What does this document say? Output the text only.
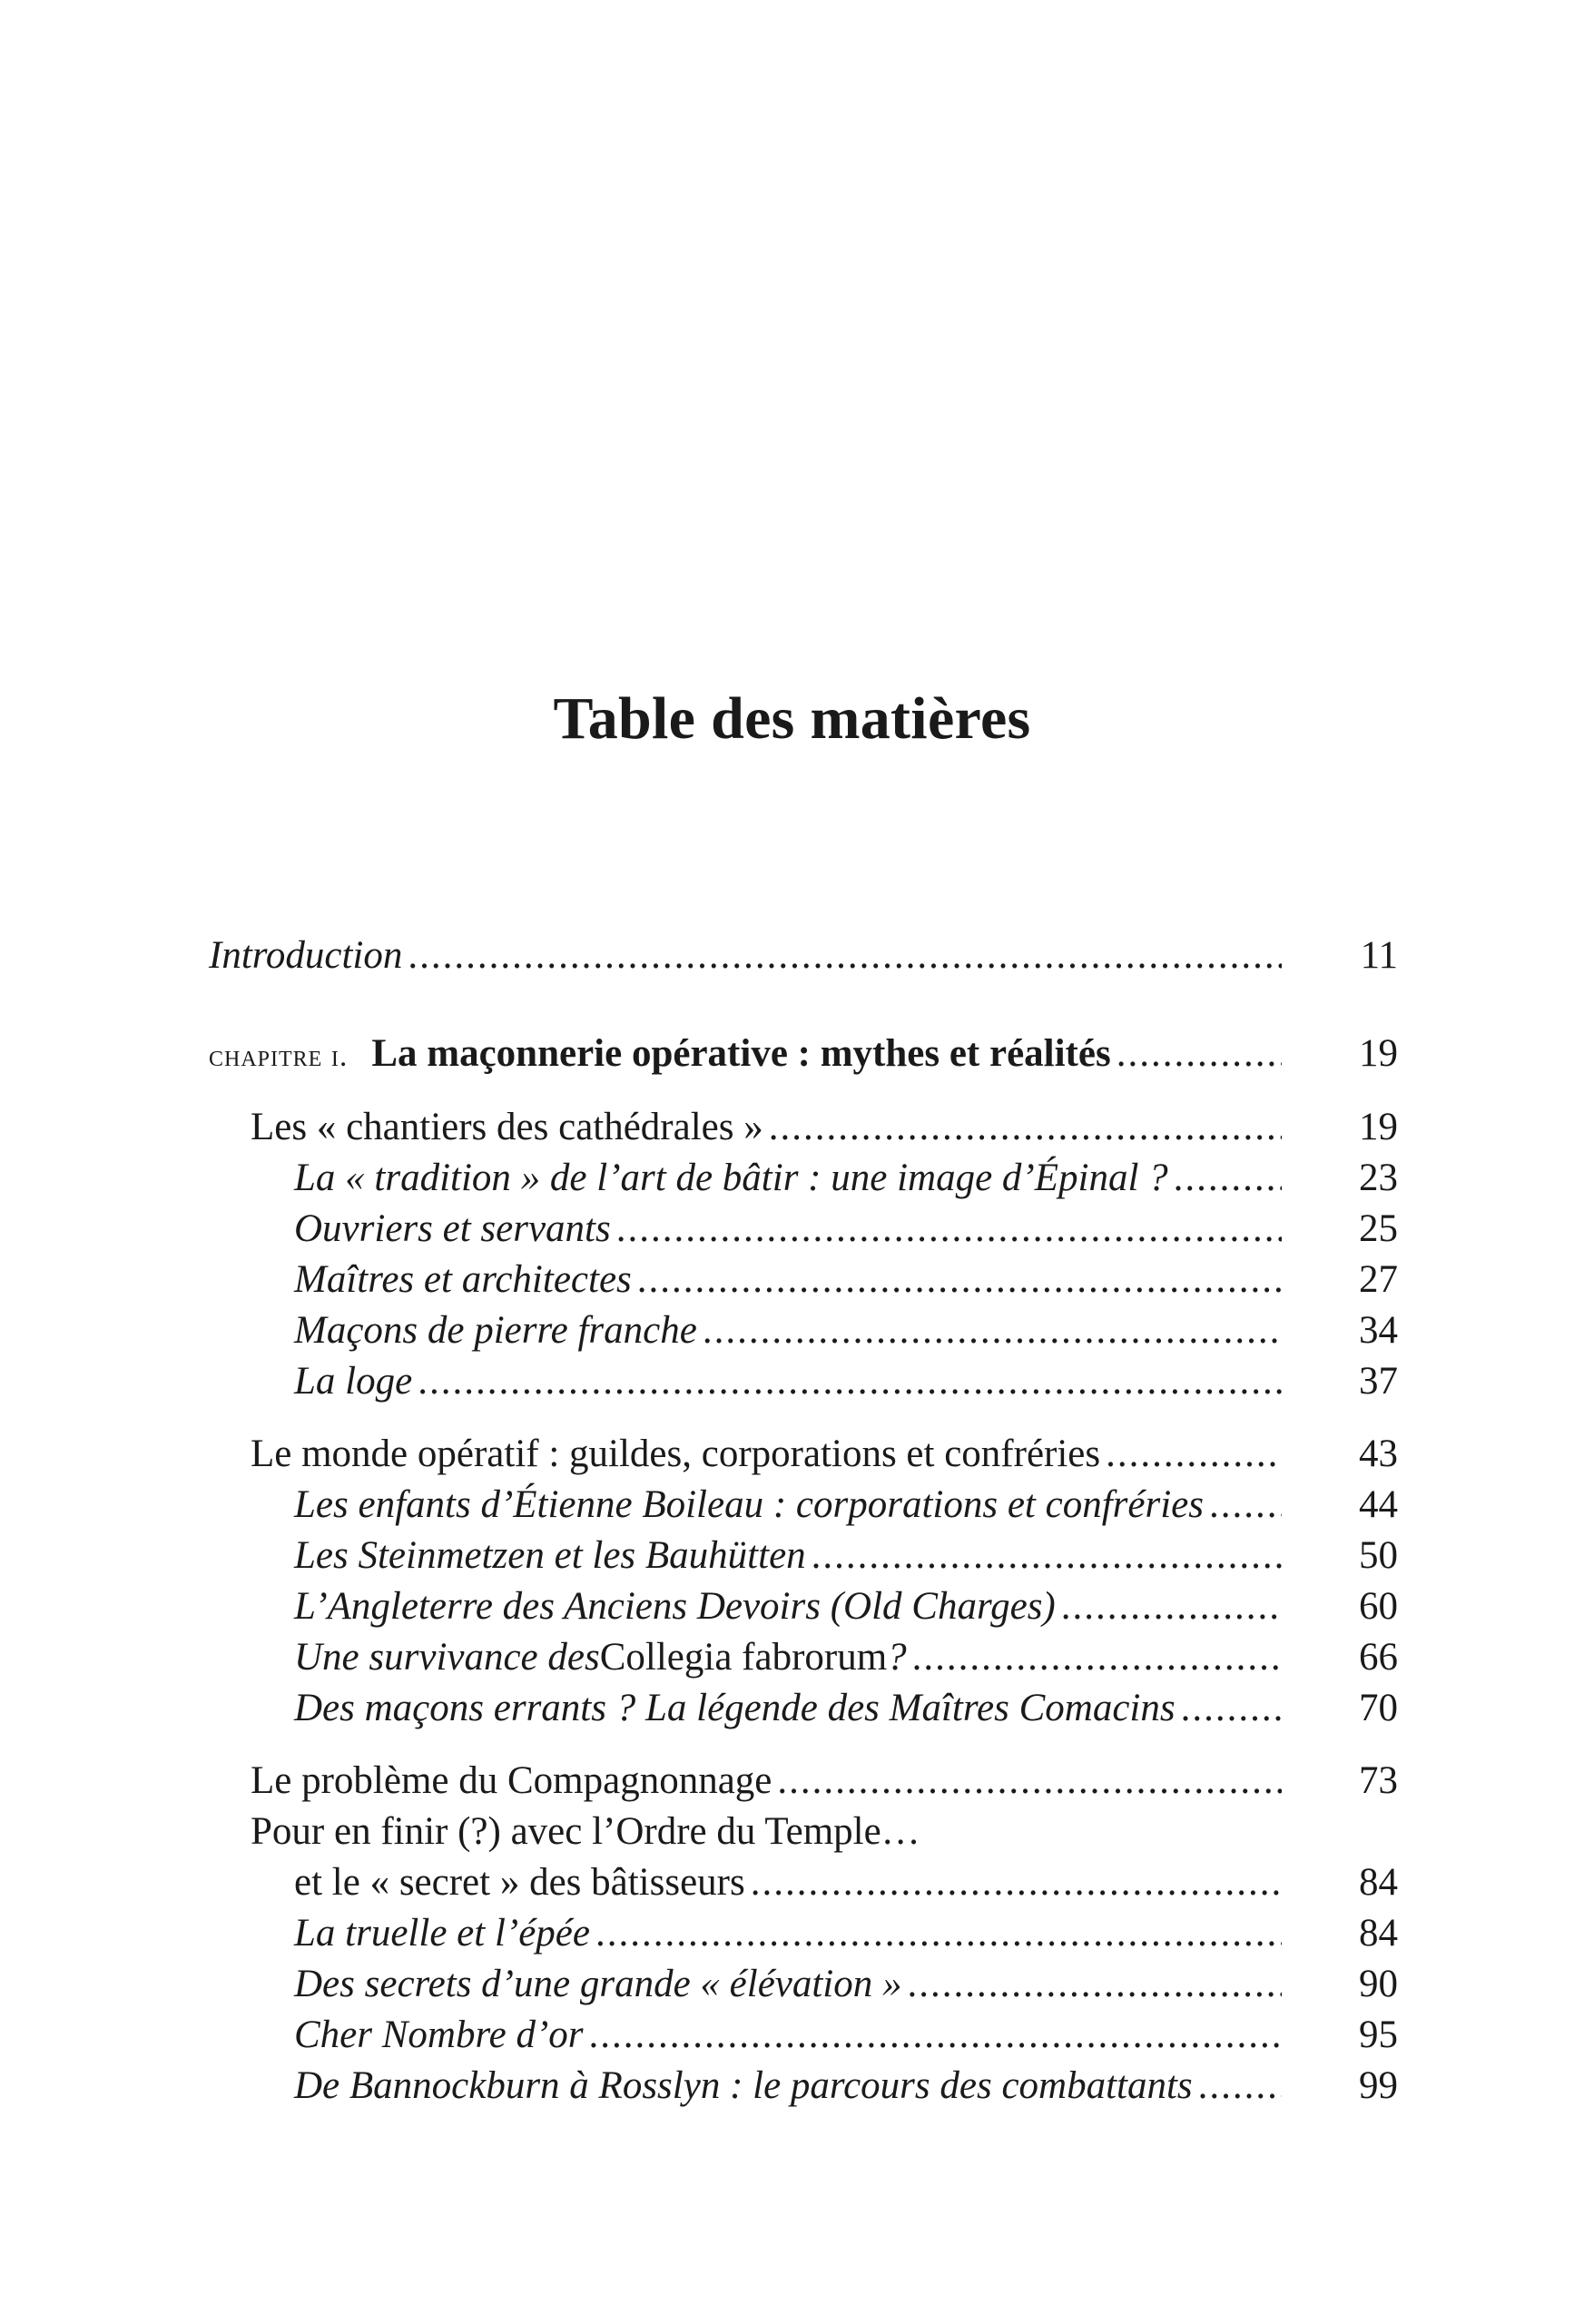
Table des matières
Introduction .....	11
chapitre i. La maçonnerie opérative : mythes et réalités .....	19
Les « chantiers des cathédrales » .....	19
La « tradition » de l’art de bâtir : une image d’Épinal ? .....	23
Ouvriers et servants .....	25
Maîtres et architectes .....	27
Maçons de pierre franche .....	34
La loge .....	37
Le monde opératif : guildes, corporations et confréries .....	43
Les enfants d’Étienne Boileau : corporations et confréries .....	44
Les Steinmetzen et les Bauhütten .....	50
L’Angleterre des Anciens Devoirs (Old Charges) .....	60
Une survivance des Collegia fabrorum ? .....	66
Des maçons errants ? La légende des Maîtres Comacins .....	70
Le problème du Compagnonnage .....	73
Pour en finir (?) avec l’Ordre du Temple…
et le « secret » des bâtisseurs .....	84
La truelle et l’épée .....	84
Des secrets d’une grande « élévation » .....	90
Cher Nombre d’or .....	95
De Bannockburn à Rosslyn : le parcours des combattants .....	99
